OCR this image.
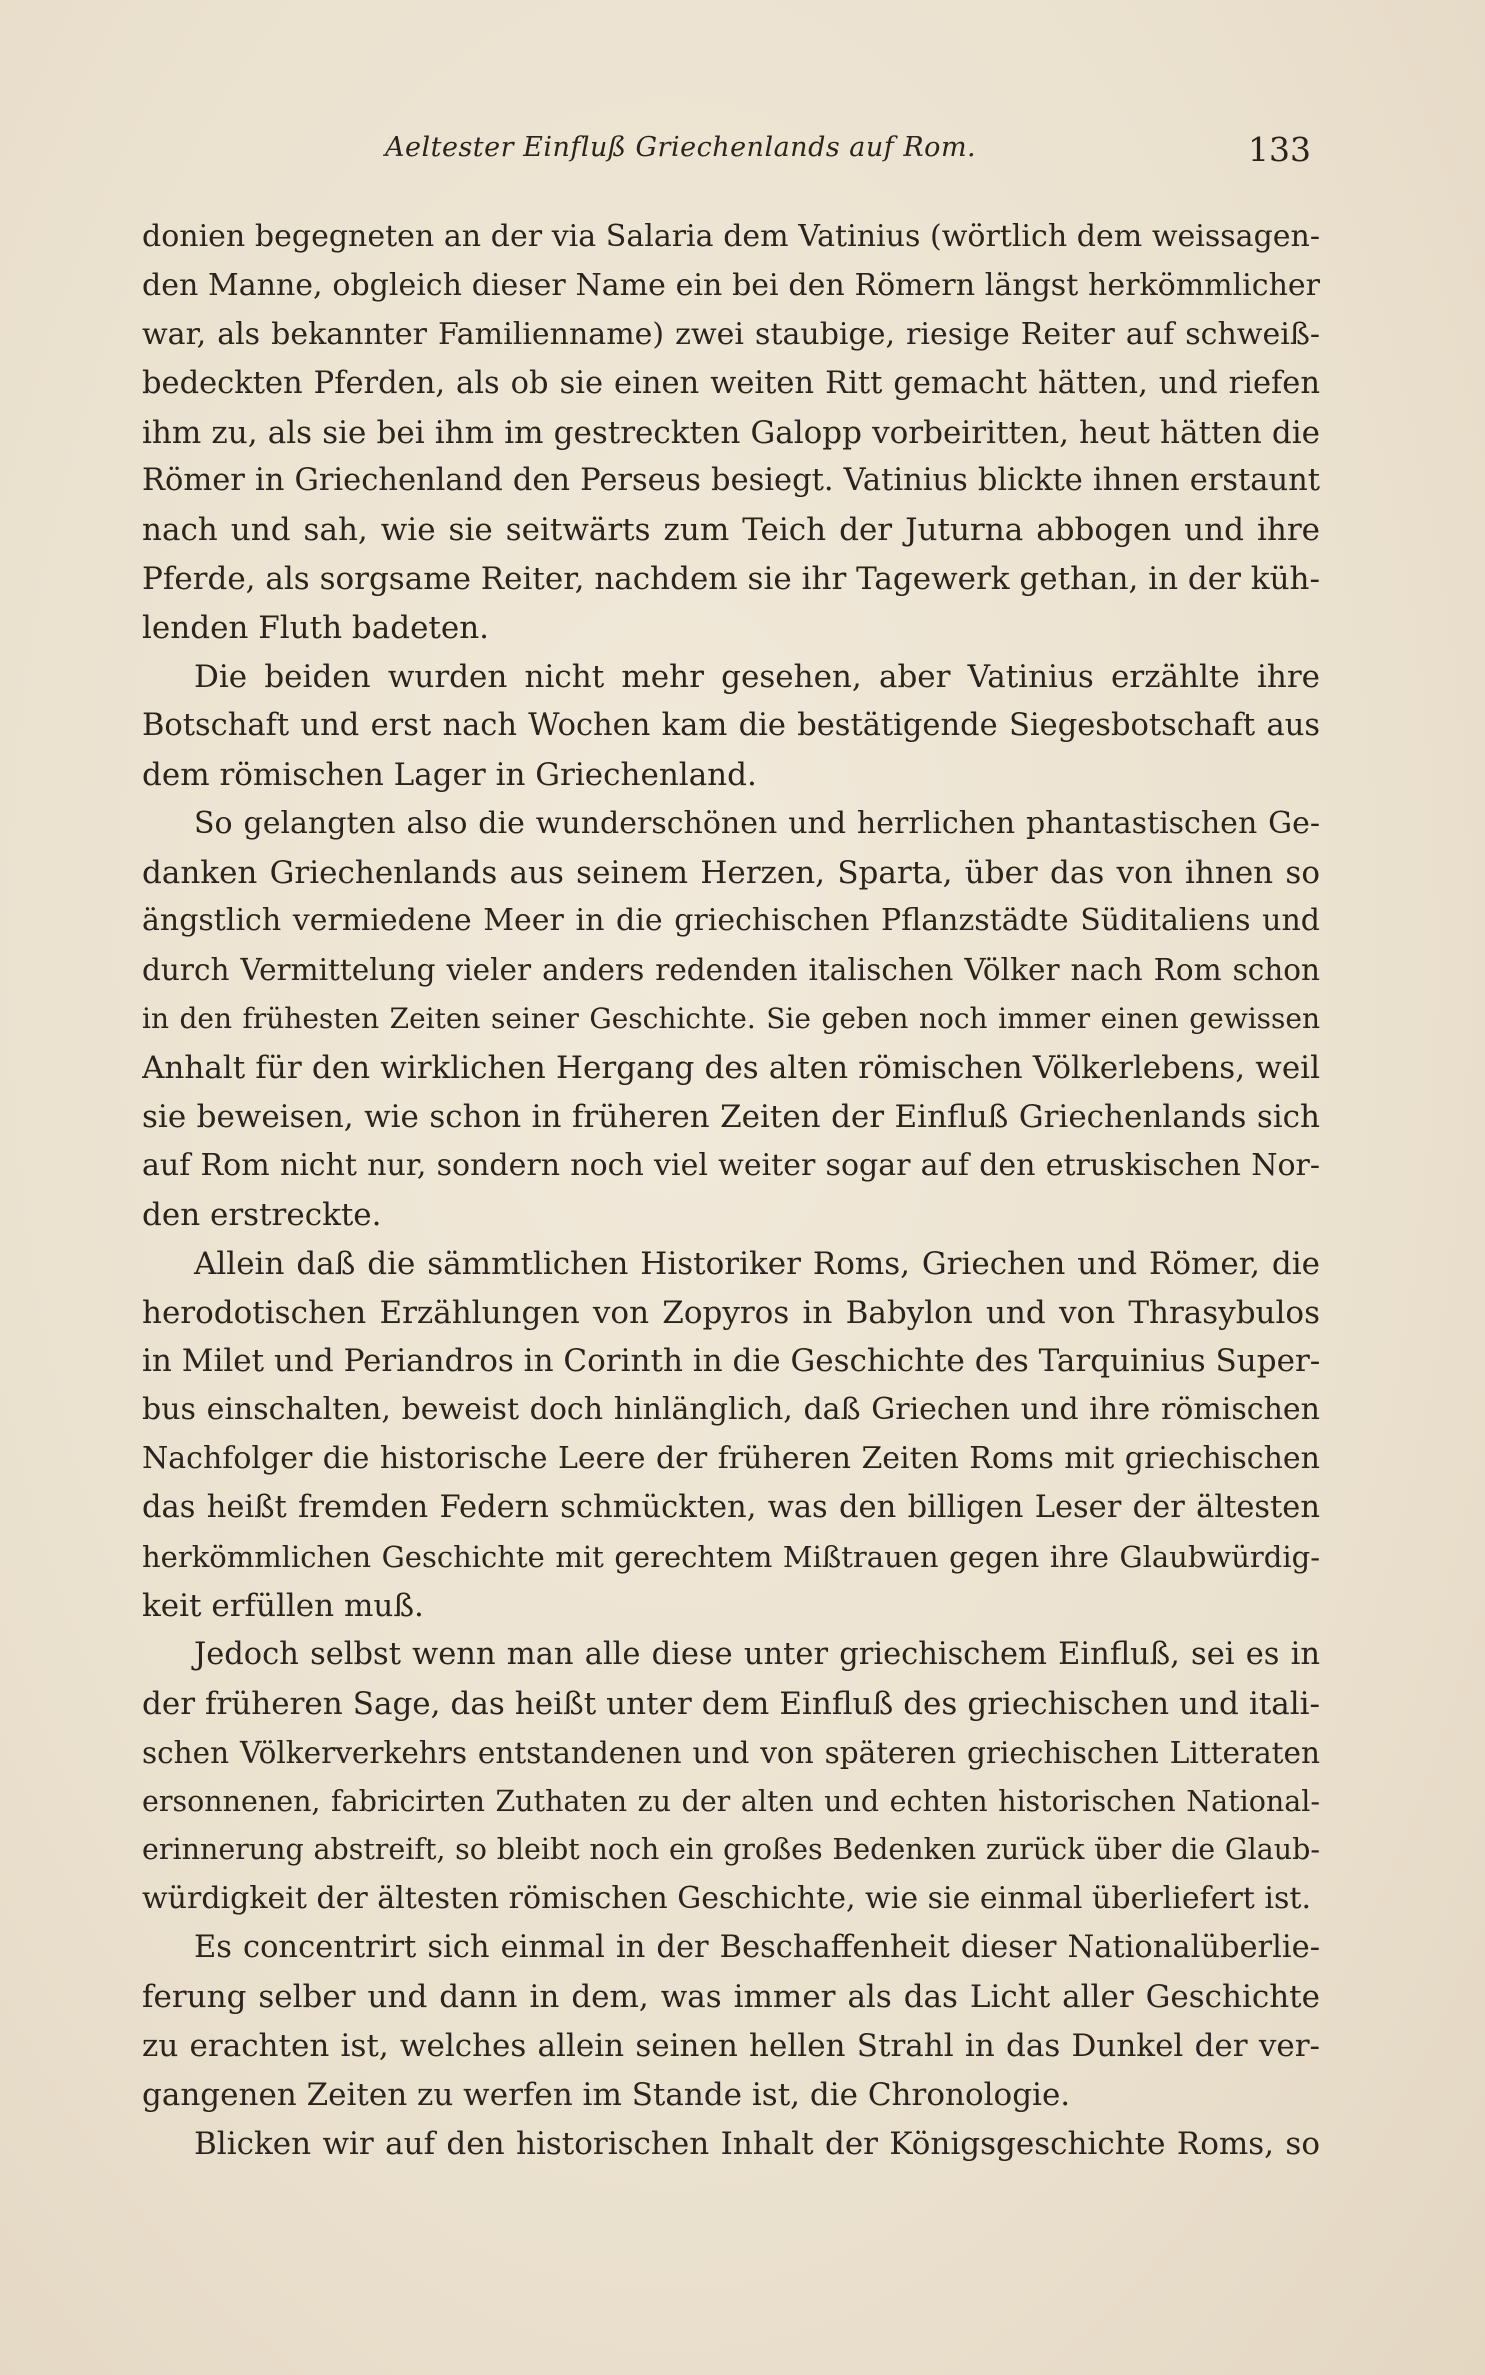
Aeltester Einfluß Griechenlands auf Rom.	133
donien begegneten an der via Salaria dem Vatinius (wörtlich dem weissagen-
den Manne, obgleich dieser Name ein bei den Römern längst herkömmlicher
war, als bekannter Familienname) zwei staubige, riesige Reiter auf schweiß-
bedeckten Pferden, als ob sie einen weiten Ritt gemacht hätten, und riefen
ihm zu, als sie bei ihm im gestreckten Galopp vorbeiritten, heut hätten die
Römer in Griechenland den Perseus besiegt. Vatinius blickte ihnen erstaunt
nach und sah, wie sie seitwärts zum Teich der Juturna abbogen und ihre
Pferde, als sorgsame Reiter, nachdem sie ihr Tagewerk gethan, in der küh-
lenden Fluth badeten.
Die beiden wurden nicht mehr gesehen, aber Vatinius erzählte ihre
Botschaft und erst nach Wochen kam die bestätigende Siegesbotschaft aus
dem römischen Lager in Griechenland.
So gelangten also die wunderschönen und herrlichen phantastischen Ge-
danken Griechenlands aus seinem Herzen, Sparta, über das von ihnen so
ängstlich vermiedene Meer in die griechischen Pflanzstädte Süditaliens und
durch Vermittelung vieler anders redenden italischen Völker nach Rom schon
in den frühesten Zeiten seiner Geschichte. Sie geben noch immer einen gewissen
Anhalt für den wirklichen Hergang des alten römischen Völkerlebens, weil
sie beweisen, wie schon in früheren Zeiten der Einfluß Griechenlands sich
auf Rom nicht nur, sondern noch viel weiter sogar auf den etruskischen Nor-
den erstreckte.
Allein daß die sämmtlichen Historiker Roms, Griechen und Römer, die
herodotischen Erzählungen von Zopyros in Babylon und von Thrasybulos
in Milet und Periandros in Corinth in die Geschichte des Tarquinius Super-
bus einschalten, beweist doch hinlänglich, daß Griechen und ihre römischen
Nachfolger die historische Leere der früheren Zeiten Roms mit griechischen
das heißt fremden Federn schmückten, was den billigen Leser der ältesten
herkömmlichen Geschichte mit gerechtem Mißtrauen gegen ihre Glaubwürdig-
keit erfüllen muß.
Jedoch selbst wenn man alle diese unter griechischem Einfluß, sei es in
der früheren Sage, das heißt unter dem Einfluß des griechischen und itali-
schen Völkerverkehrs entstandenen und von späteren griechischen Litteraten
ersonnenen, fabricirten Zuthaten zu der alten und echten historischen National-
erinnerung abstreift, so bleibt noch ein großes Bedenken zurück über die Glaub-
würdigkeit der ältesten römischen Geschichte, wie sie einmal überliefert ist.
Es concentrirt sich einmal in der Beschaffenheit dieser Nationalüberlie-
ferung selber und dann in dem, was immer als das Licht aller Geschichte
zu erachten ist, welches allein seinen hellen Strahl in das Dunkel der ver-
gangenen Zeiten zu werfen im Stande ist, die Chronologie.
Blicken wir auf den historischen Inhalt der Königsgeschichte Roms, so
